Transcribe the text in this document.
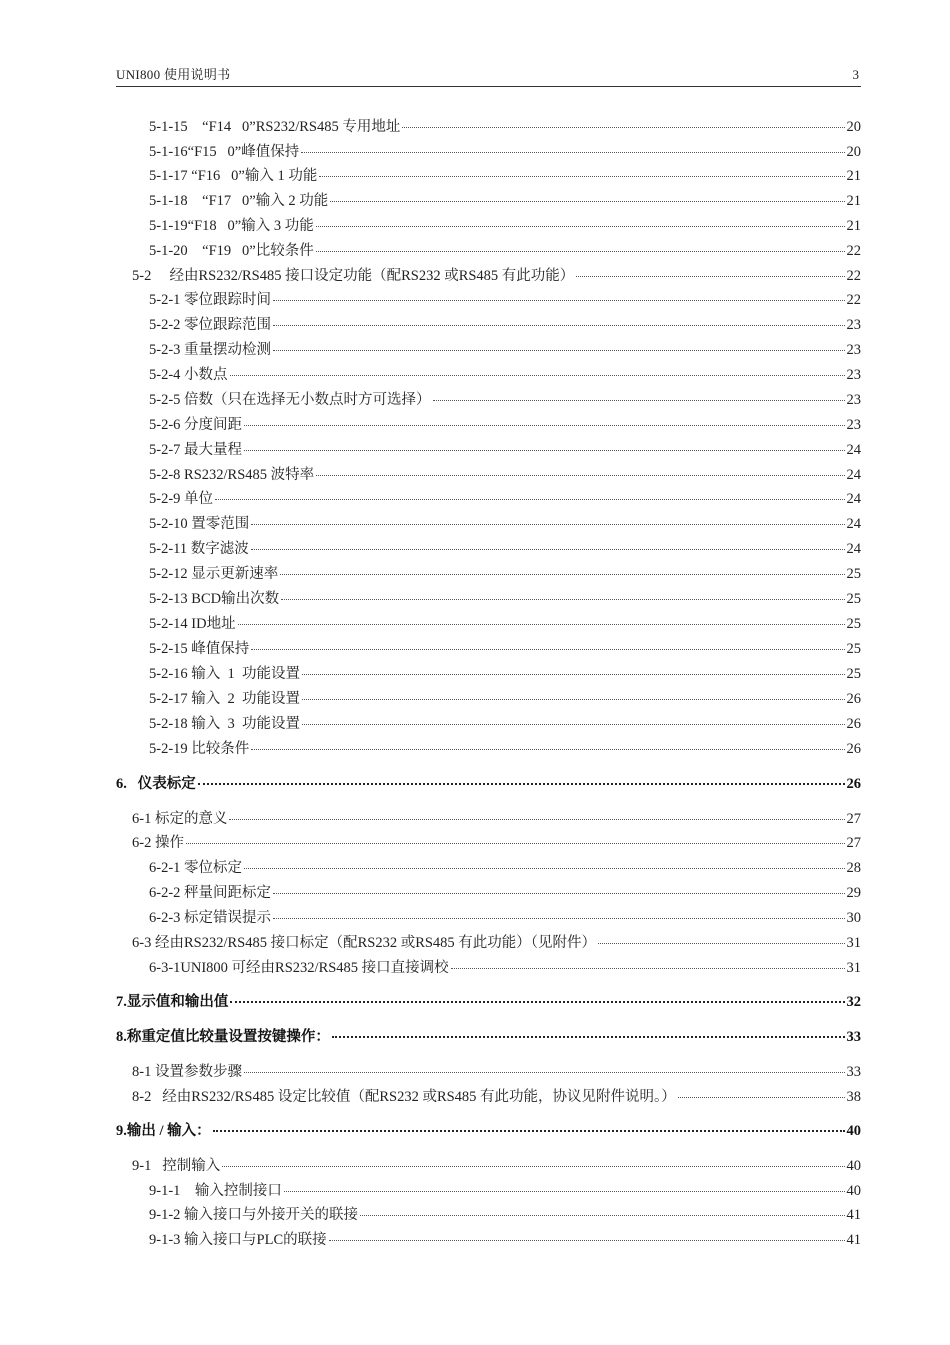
UNI800 使用说明书	3
5-1-15    “F14   0”RS232/RS485 专用地址	20
5-1-16“F15   0”峰值保持	20
5-1-17 “F16   0”输入 1 功能	21
5-1-18    “F17   0”输入 2 功能	21
5-1-19“F18   0”输入 3 功能	21
5-1-20    “F19   0”比较条件	22
5-2     经由RS232/RS485 接口设定功能（配RS232 或RS485 有此功能）	22
5-2-1 零位跟踪时间	22
5-2-2 零位跟踪范围	23
5-2-3 重量摆动检测	23
5-2-4 小数点	23
5-2-5 倍数（只在选择无小数点时方可选择）	23
5-2-6 分度间距	23
5-2-7 最大量程	24
5-2-8 RS232/RS485 波特率	24
5-2-9 单位	24
5-2-10 置零范围	24
5-2-11 数字滤波	24
5-2-12 显示更新速率	25
5-2-13 BCD输出次数	25
5-2-14 ID地址	25
5-2-15 峰值保持	25
5-2-16 输入  1  功能设置	25
5-2-17 输入  2  功能设置	26
5-2-18 输入  3  功能设置	26
5-2-19 比较条件	26
6.   仪表标定	26
6-1 标定的意义	27
6-2 操作	27
6-2-1 零位标定	28
6-2-2 秤量间距标定	29
6-2-3 标定错误提示	30
6-3 经由RS232/RS485 接口标定（配RS232 或RS485 有此功能）（见附件）	31
6-3-1UNI800 可经由RS232/RS485 接口直接调校	31
7.显示值和输出值	32
8.称重定值比较量设置按键操作：	33
8-1 设置参数步骤	33
8-2   经由RS232/RS485 设定比较值（配RS232 或RS485 有此功能，协议见附件说明。）	38
9.输出 / 输入：	40
9-1   控制输入	40
9-1-1    输入控制接口	40
9-1-2 输入接口与外接开关的联接	41
9-1-3 输入接口与PLC的联接	41
